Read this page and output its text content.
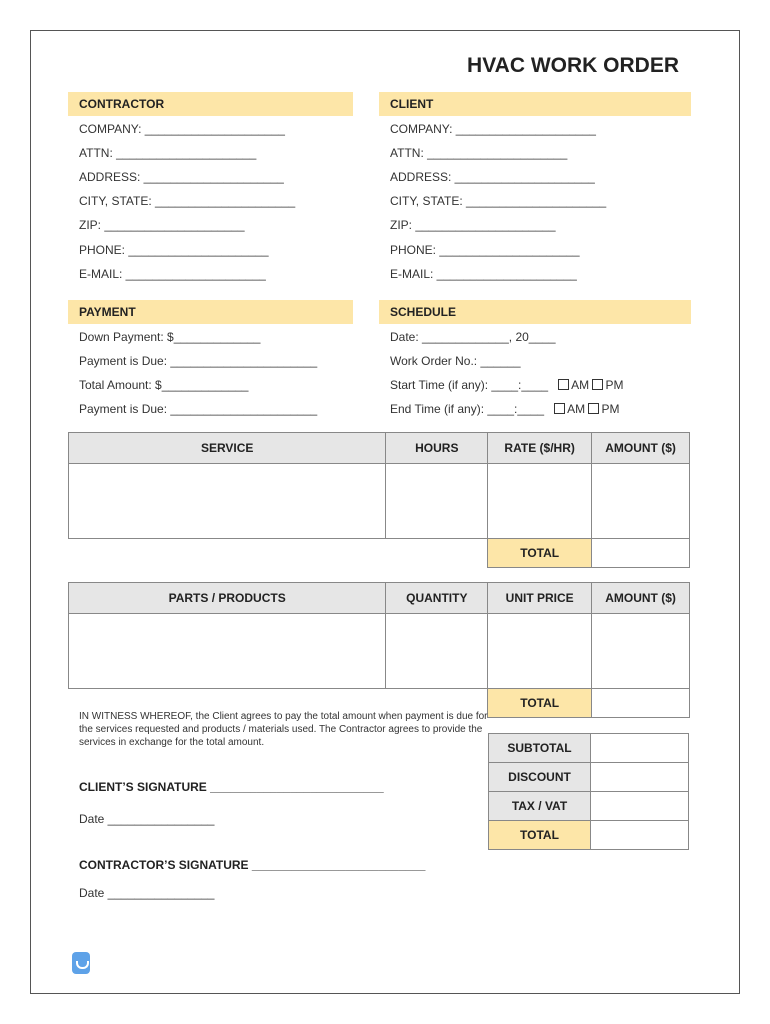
HVAC WORK ORDER
CONTRACTOR
COMPANY: _____________________
ATTN: _____________________
ADDRESS: _____________________
CITY, STATE: _____________________
ZIP: _____________________
PHONE: _____________________
E-MAIL: _____________________
CLIENT
COMPANY: _____________________
ATTN: _____________________
ADDRESS: _____________________
CITY, STATE: _____________________
ZIP: _____________________
PHONE: _____________________
E-MAIL: _____________________
PAYMENT
Down Payment: $_____________
Payment is Due: ______________________
Total Amount: $_____________
Payment is Due: ______________________
SCHEDULE
Date: _____________, 20____
Work Order No.: ______
Start Time (if any): ____:____ AM PM
End Time (if any): ____:____ AM PM
SERVICE	HOURS	RATE ($/HR)	AMOUNT ($)

		TOTAL	
PARTS / PRODUCTS	QUANTITY	UNIT PRICE	AMOUNT ($)

		TOTAL	
IN WITNESS WHEREOF, the Client agrees to pay the total amount when payment is due for the services requested and products / materials used. The Contractor agrees to provide the services in exchange for the total amount.	SUBTOTAL	
DISCOUNT	
TAX / VAT	
TOTAL	
CLIENT’S SIGNATURE __________________________
Date ________________
CONTRACTOR’S SIGNATURE __________________________
Date ________________
